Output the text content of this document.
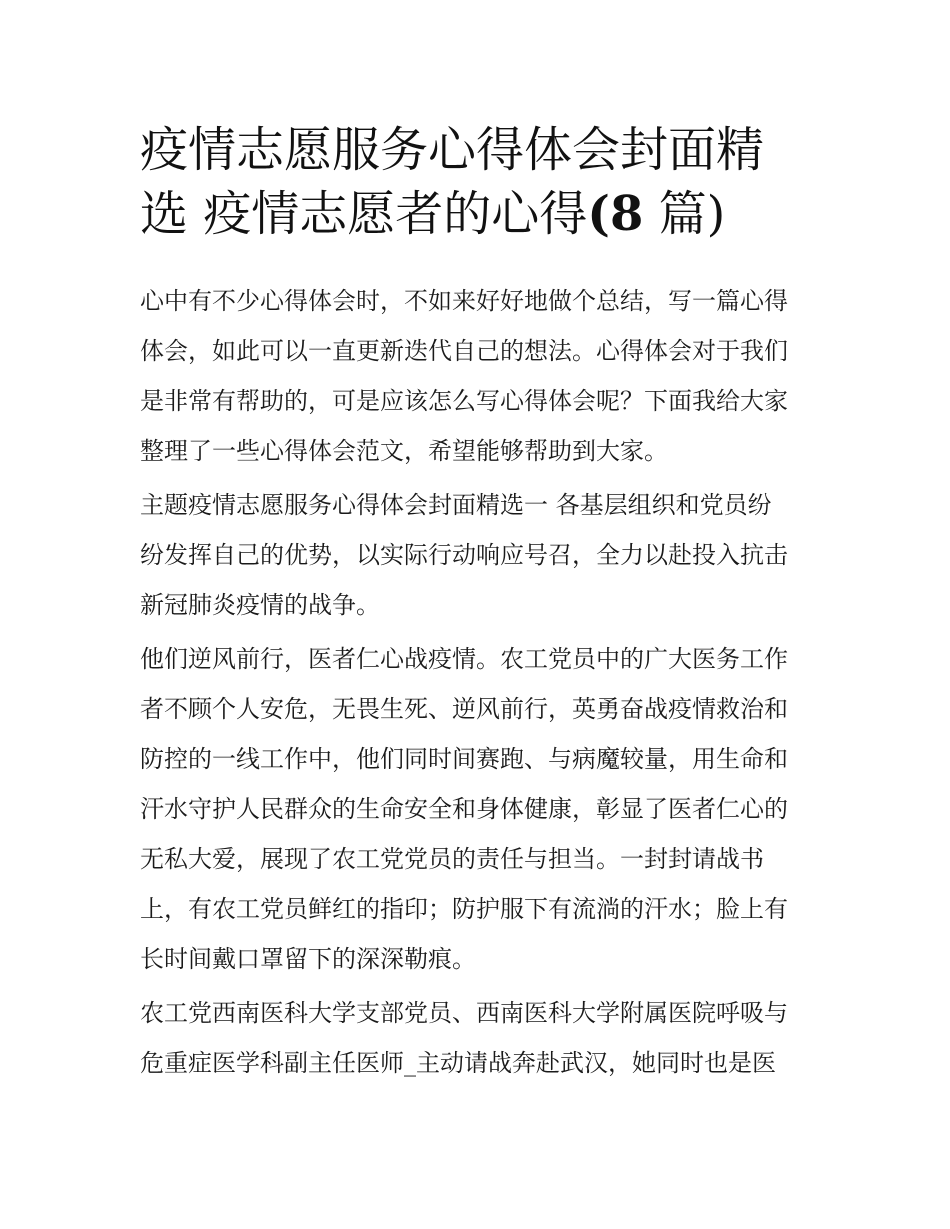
疫情志愿服务心得体会封面精
选 疫情志愿者的心得(8 篇)
心中有不少心得体会时，不如来好好地做个总结，写一篇心得
体会，如此可以一直更新迭代自己的想法。心得体会对于我们
是非常有帮助的，可是应该怎么写心得体会呢？下面我给大家
整理了一些心得体会范文，希望能够帮助到大家。
主题疫情志愿服务心得体会封面精选一 各基层组织和党员纷
纷发挥自己的优势，以实际行动响应号召，全力以赴投入抗击
新冠肺炎疫情的战争。
他们逆风前行，医者仁心战疫情。农工党员中的广大医务工作
者不顾个人安危，无畏生死、逆风前行，英勇奋战疫情救治和
防控的一线工作中，他们同时间赛跑、与病魔较量，用生命和
汗水守护人民群众的生命安全和身体健康，彰显了医者仁心的
无私大爱，展现了农工党党员的责任与担当。一封封请战书
上，有农工党员鲜红的指印；防护服下有流淌的汗水；脸上有
长时间戴口罩留下的深深勒痕。
农工党西南医科大学支部党员、西南医科大学附属医院呼吸与
危重症医学科副主任医师_主动请战奔赴武汉，她同时也是医
